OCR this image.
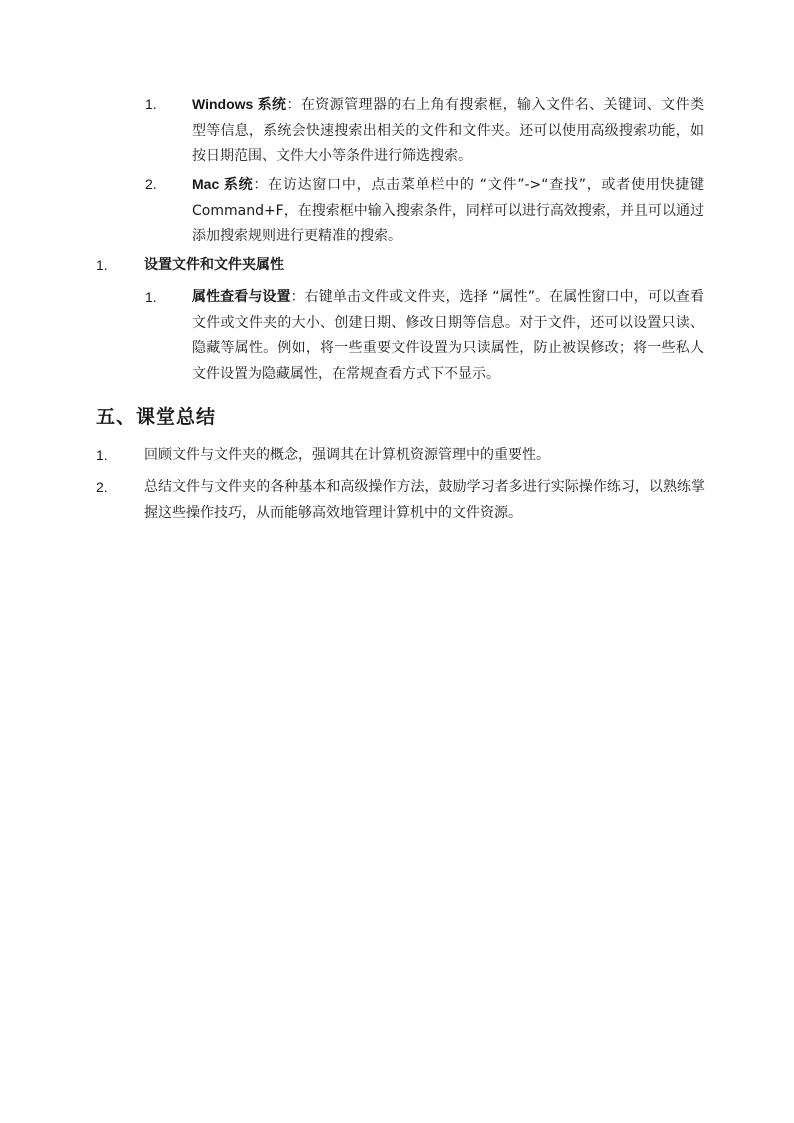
1.	Windows 系统：在资源管理器的右上角有搜索框，输入文件名、关键词、文件类型等信息，系统会快速搜索出相关的文件和文件夹。还可以使用高级搜索功能，如按日期范围、文件大小等条件进行筛选搜索。
2.	Mac 系统：在访达窗口中，点击菜单栏中的 “文件”->“查找”，或者使用快捷键 Command+F，在搜索框中输入搜索条件，同样可以进行高效搜索，并且可以通过添加搜索规则进行更精准的搜索。
1.	设置文件和文件夹属性
1.	属性查看与设置：右键单击文件或文件夹，选择 “属性”。在属性窗口中，可以查看文件或文件夹的大小、创建日期、修改日期等信息。对于文件，还可以设置只读、隐藏等属性。例如，将一些重要文件设置为只读属性，防止被误修改；将一些私人文件设置为隐藏属性，在常规查看方式下不显示。
五、课堂总结
1.	回顾文件与文件夹的概念，强调其在计算机资源管理中的重要性。
2.	总结文件与文件夹的各种基本和高级操作方法，鼓励学习者多进行实际操作练习，以熟练掌握这些操作技巧，从而能够高效地管理计算机中的文件资源。
